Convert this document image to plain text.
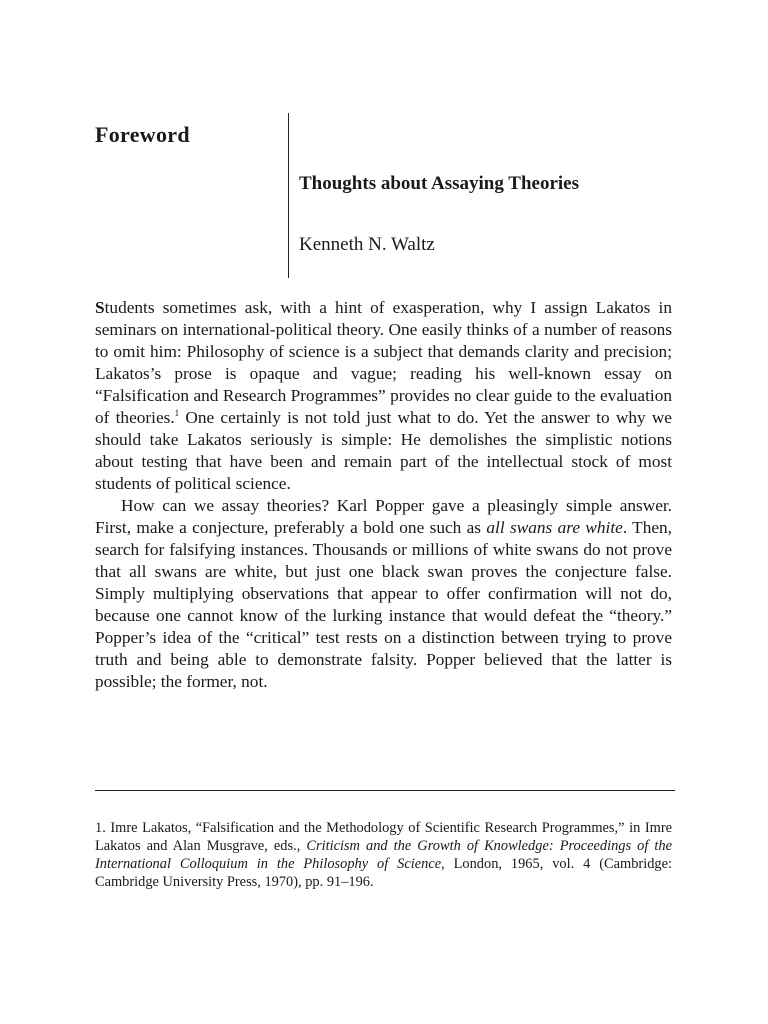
Foreword
Thoughts about Assaying Theories
Kenneth N. Waltz

Students sometimes ask, with a hint of exasperation, why I assign Lakatos in seminars on international-political theory. One easily thinks of a number of reasons to omit him: Philosophy of science is a subject that demands clarity and precision; Lakatos’s prose is opaque and vague; reading his well-known essay on “Falsification and Research Programmes” provides no clear guide to the evaluation of theories.$^1$ One certainly is not told just what to do. Yet the answer to why we should take Lakatos seriously is simple: He demolishes the simplistic notions about testing that have been and remain part of the intellectual stock of most students of political science.

How can we assay theories? Karl Popper gave a pleasingly simple answer. First, make a conjecture, preferably a bold one such as all swans are white. Then, search for falsifying instances. Thousands or millions of white swans do not prove that all swans are white, but just one black swan proves the conjecture false. Simply multiplying observations that appear to offer confirmation will not do, because one cannot know of the lurking instance that would defeat the “theory.” Popper’s idea of the “critical” test rests on a distinction between trying to prove truth and being able to demonstrate falsity. Popper believed that the latter is possible; the former, not.

1. Imre Lakatos, “Falsification and the Methodology of Scientific Research Programmes,” in Imre Lakatos and Alan Musgrave, eds., Criticism and the Growth of Knowledge: Proceedings of the International Colloquium in the Philosophy of Science, London, 1965, vol. 4 (Cambridge: Cambridge University Press, 1970), pp. 91–196.
